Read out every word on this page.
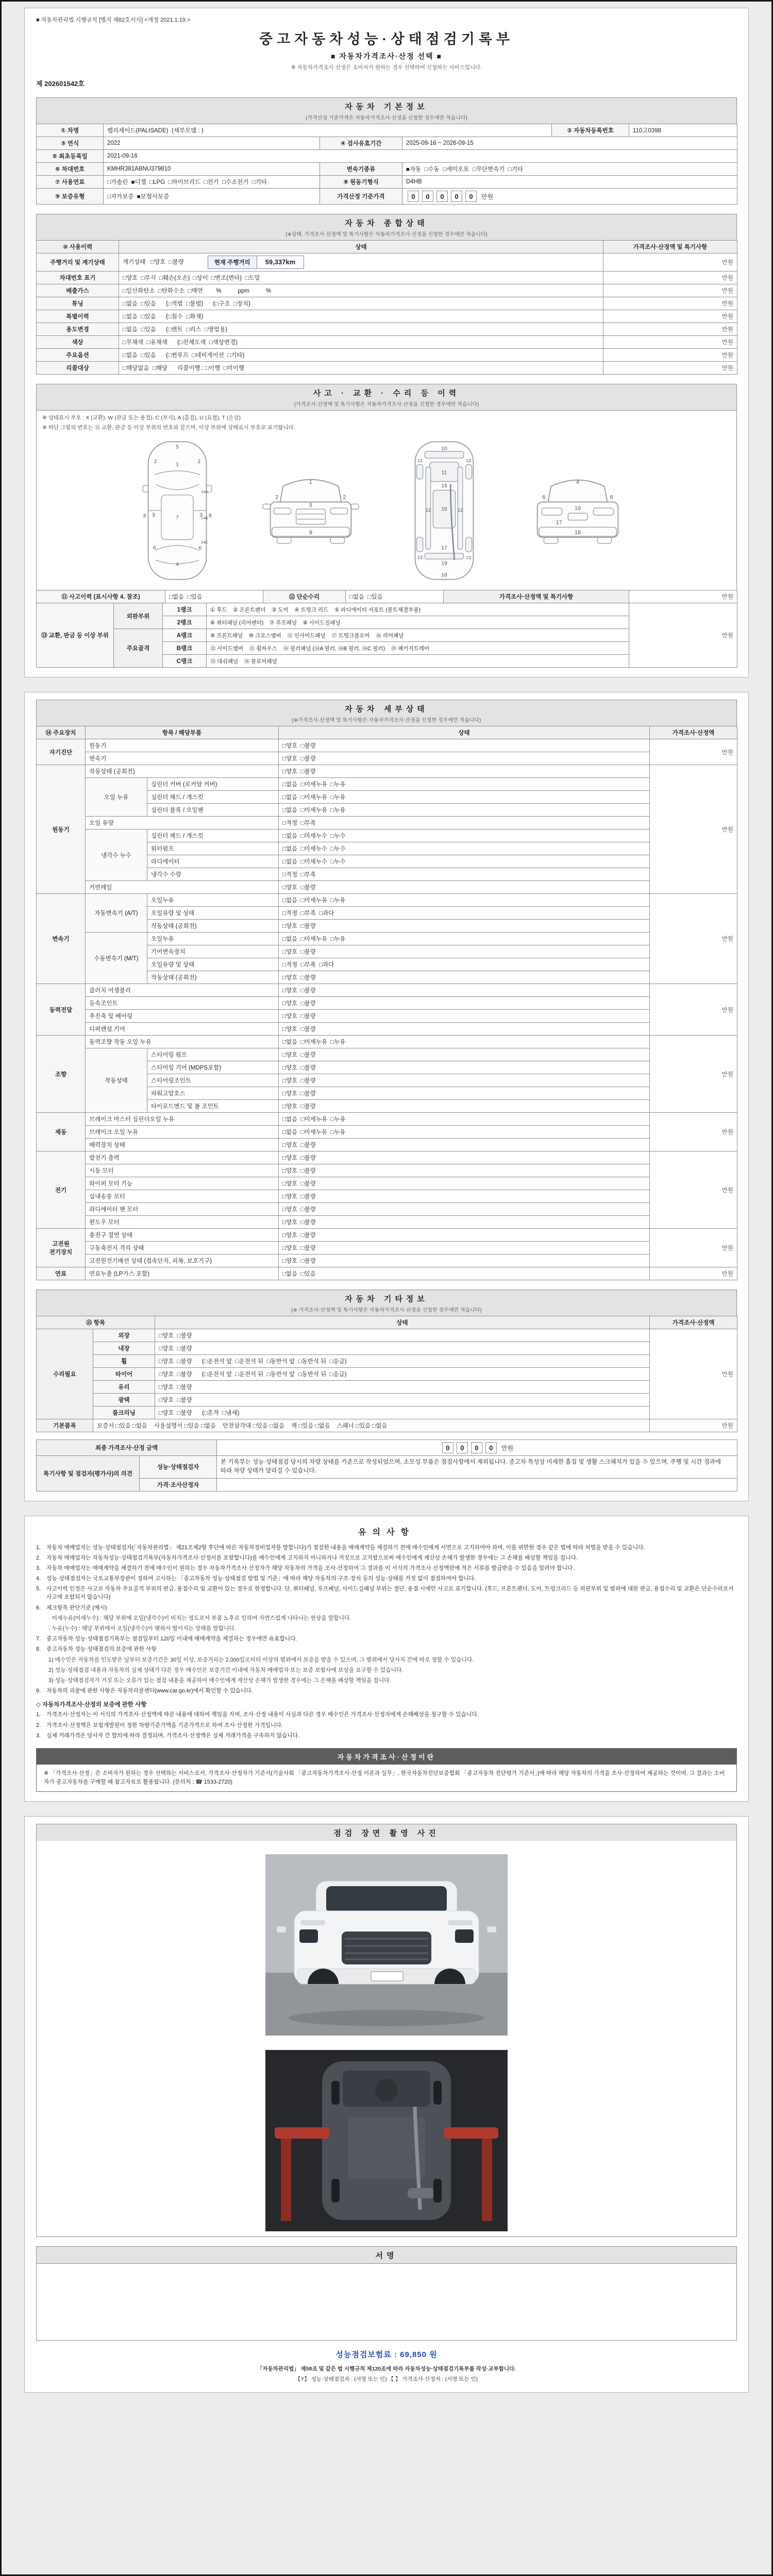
■ 자동차관리법 시행규칙 [별지 제82호서식] <개정 2021.1.19.>
중고자동차성능·상태점검기록부
■ 자동차가격조사·산정 선택 ■
※ 자동차가격조사·산정은 소비자가 원하는 경우 선택하여 신청하는 서비스입니다.
제 202601542호
자동차 기본정보
(가격산정 기준가격은 자동차가격조사·산정을 신청한 경우에만 적습니다)
① 차명	펠리세이드(PALISADE) (세부모델 : )			② 자동차등록번호	110고0398
③ 연식	2022	④ 검사유효기간	2025-09-16 ~ 2026-09-15		
⑤ 최초등록일	2021-09-16				
⑥ 차대번호	KMHR381ABNU379810	변속기종류	■자동  □수동  □세미오토  □무단변속기  □기타		
⑦ 사용연료	□가솔린  ■디젤  □LPG  □하이브리드  □전기  □수소전기  □기타	⑧ 원동기형식	D4HB		
⑨ 보증유형	□자가보증  ■보험사보증	가격산정 기준가격	0 0 0 0 0 만원		
자동차 종합상태
(※상태, 가격조사·산정액 및 특기사항은 자동차가격조사·산정을 신청한 경우에만 적습니다)
⑩ 사용이력	상태	가격조사·산정액 및 특기사항
주행거리 및 계기상태	계기상태   □양호  □불량 현재 주행거리 59,337km	만원
차대번호 표기	□양호  □부식  □훼손(오손)  □상이  □변조(변타)  □도말	만원
배출가스	□일산화탄소  □탄화수소  □매연        %          ppm          %	만원
튜닝	□없음  □있음      (□적법  □불법)      (□구조  □장치)	만원
특별이력	□없음  □있음      (□침수  □화재)	만원
용도변경	□없음  □있음      (□렌트  □리스  □영업용)	만원
색상	□무채색  □유채색      (□전체도색  □색상변경)	만원
주요옵션	□없음  □있음      (□썬루프  □네비게이션  □기타)	만원
리콜대상	□해당없음  □해당      리콜이행 : □이행  □미이행	만원
사고 · 교환 · 수리 등 이력
(가격조사·산정액 및 특기사항은 자동차가격조사·산정을 신청한 경우에만 적습니다)
※ 상태표시 부호 : X (교환), W (판금 또는 용접), C (부식), A (흠집), U (요철), T (손상)
※ 하단 그림의 번호는 ⑬ 교환, 판금 등 이상 부위의 번호와 같으며, 이상 부위에 상태표시 부호로 표기합니다.
5
1
2	2
3	3
7
6	6
4
8	8
14A
14B
14C
1
2	2
5
9
10
15
12	12
13	13
13	13
16
11
17
19
18
4
6	6
19
18
17
⑪ 사고이력 (표시사항 4. 참조)	□없음  □있음	⑫ 단순수리	□없음  □있음	가격조사·산정액 및 특기사항	만원
⑬ 교환, 판금 등 이상 부위	외판부위	1랭크	① 후드    ② 프론트펜더    ③ 도어    ④ 트렁크 리드    ⑤ 라디에이터 서포트 (볼트체결부품)	만원
		2랭크	⑥ 쿼터패널 (리어펜더)    ⑦ 루프패널    ⑧ 사이드실패널	
	주요골격	A랭크	⑨ 프론트패널    ⑩ 크로스멤버    ⑪ 인사이드패널    ⑰ 트렁크플로어    ⑱ 리어패널	
		B랭크	⑫ 사이드멤버    ⑬ 휠하우스    ⑭ 필러패널 (⑭A 필러, ⑭B 필러, ⑭C 필러)    ⑲ 패키지트레이	
		C랭크	⑮ 대쉬패널    ⑯ 플로어패널	
자동차 세부상태
(※가격조사·산정액 및 특기사항은 자동차가격조사·산정을 신청한 경우에만 적습니다)
⑭ 주요장치	항목 / 해당부품		상태	가격조사·산정액
자기진단	원동기		□양호  □불량	만원
	변속기		□양호  □불량	
원동기	작동상태 (공회전)		□양호  □불량	만원
	오일 누유	실린더 커버 (로커암 커버)	□없음  □미세누유  □누유	
		실린더 헤드 / 개스킷	□없음  □미세누유  □누유	
		실린더 블록 / 오일팬	□없음  □미세누유  □누유	
	오일 유량		□적정  □부족	
	냉각수 누수	실린더 헤드 / 개스킷	□없음  □미세누수  □누수	
		워터펌프	□없음  □미세누수  □누수	
		라디에이터	□없음  □미세누수  □누수	
		냉각수 수량	□적정  □부족	
	커먼레일		□양호  □불량	
변속기	자동변속기 (A/T)	오일누유	□없음  □미세누유  □누유	만원
		오일유량 및 상태	□적정  □부족  □과다	
		작동상태 (공회전)	□양호  □불량	
	수동변속기 (M/T)	오일누유	□없음  □미세누유  □누유	
		기어변속장치	□양호  □불량	
		오일유량 및 상태	□적정  □부족  □과다	
		작동상태 (공회전)	□양호  □불량	
동력전달	클러치 어셈블리		□양호  □불량	만원
	등속조인트		□양호  □불량	
	추진축 및 베어링		□양호  □불량	
	디퍼렌셜 기어		□양호  □불량	
조향	동력조향 작동 오일 누유		□없음  □미세누유  □누유	만원
	작동상태	스티어링 펌프	□양호  □불량	
		스티어링 기어 (MDPS포함)	□양호  □불량	
		스티어링조인트	□양호  □불량	
		파워고압호스	□양호  □불량	
		타이로드엔드 및 볼 조인트	□양호  □불량	
제동	브레이크 마스터 실린더오일 누유		□없음  □미세누유  □누유	만원
	브레이크 오일 누유		□없음  □미세누유  □누유	
	배력장치 상태		□양호  □불량	
전기	발전기 출력		□양호  □불량	만원
	시동 모터		□양호  □불량	
	와이퍼 모터 기능		□양호  □불량	
	실내송풍 모터		□양호  □불량	
	라디에이터 팬 모터		□양호  □불량	
	윈도우 모터		□양호  □불량	
고전원 전기장치	충전구 절연 상태		□양호  □불량	만원
	구동축전지 격리 상태		□양호  □불량	
	고전원전기배선 상태 (접속단자, 피복, 보호기구)		□양호  □불량	
연료	연료누출 (LP가스 포함)		□없음  □있음	만원
자동차 기타정보
(※ 가격조사·산정액 및 특기사항은 자동차가격조사·산정을 신청한 경우에만 적습니다)
⑮ 항목		상태	가격조사·산정액
수리필요	외장	□양호  □불량	만원
	내장	□양호  □불량	
	휠	□양호  □불량      (□운전석 앞  □운전석 뒤  □동반석 앞  □동반석 뒤  □응급)	
	타이어	□양호  □불량      (□운전석 앞  □운전석 뒤  □동반석 앞  □동반석 뒤  □응급)	
	유리	□양호  □불량	
	광택	□양호  □불량	
	룸크리닝	□양호  □불량      (□흔적  □냄새)	
기본품목	보증서 □있음 □없음    사용설명서 □있음 □없음    안전삼각대 □있음 □없음    잭 □있음 □없음    스패너 □있음 □없음		만원
최종 가격조사·산정 금액	0 0 0 0 만원
특기사항 및 점검자(평가사)의 의견	성능·상태점검자	본 기록부는 성능·상태점검 당시의 차량 상태를 기준으로 작성되었으며, 소모성 부품은 점검사항에서 제외됩니다. 중고차 특성상 미세한 흠집 및 생활 스크래치가 있을 수 있으며, 주행 및 시간 경과에 따라 차량 상태가 달라질 수 있습니다.
	가격·조사산정자	
유의사항
1.	자동차 매매업자는 성능·상태점검자(「자동차관리법」 제21조제2항 후단에 따른 자동차정비업자를 말합니다)가 점검한 내용을 매매계약을 체결하기 전에 매수인에게 서면으로 고지하여야 하며, 이를 위반한 경우 같은 법에 따라 처벌을 받을 수 있습니다.
2.	자동차 매매업자는 자동차성능·상태점검기록부(자동차가격조사·산정서를 포함합니다)를 매수인에게 고지하지 아니하거나 거짓으로 고지함으로써 매수인에게 재산상 손해가 발생한 경우에는 그 손해를 배상할 책임을 집니다.
3.	자동차 매매업자는 매매계약을 체결하기 전에 매수인이 원하는 경우 자동차가격조사·산정자가 해당 자동차의 가격을 조사·산정하여 그 결과를 이 서식의 가격조사·산정액란에 적은 서류를 발급받을 수 있음을 알려야 합니다.
4.	성능·상태점검자는 국토교통부장관이 정하여 고시하는 「중고자동차 성능·상태점검 방법 및 기준」에 따라 해당 자동차의 구조·장치 등의 성능·상태를 거짓 없이 점검하여야 합니다.
5.	사고이력 인정은 사고로 자동차 주요골격 부위의 판금, 용접수리 및 교환이 있는 경우로 한정합니다. 단, 쿼터패널, 루프패널, 사이드실패널 부위는 절단, 용접 시에만 사고로 표기합니다. (후드, 프론트펜더, 도어, 트렁크리드 등 외판부위 및 범퍼에 대한 판금, 용접수리 및 교환은 단순수리로서 사고에 포함되지 않습니다)
6.	체크항목 판단기준 (예시)
· 미세누유(미세누수) : 해당 부위에 오일(냉각수)이 비치는 정도로서 부품 노후로 인하여 자연스럽게 나타나는 현상을 말합니다.
· 누유(누수) : 해당 부위에서 오일(냉각수)이 맺혀서 떨어지는 상태를 말합니다.
7.	중고자동차 성능·상태점검기록부는 점검일부터 120일 이내에 매매계약을 체결하는 경우에만 유효합니다.
8.	중고자동차 성능·상태점검의 보증에 관한 사항
1) 매수인은 자동차를 인도받은 날부터 보증기간은 30일 이상, 보증거리는 2,000킬로미터 이상의 범위에서 보증을 받을 수 있으며, 그 범위에서 당사자 간에 따로 정할 수 있습니다.
2) 성능·상태점검 내용과 자동차의 실제 상태가 다른 경우 매수인은 보증기간 이내에 자동차 매매업자 또는 보증 보험사에 보상을 요구할 수 있습니다.
3) 성능·상태점검자가 거짓 또는 오류가 있는 점검 내용을 제공하여 매수인에게 재산상 손해가 발생한 경우에는 그 손해를 배상할 책임을 집니다.
9.	자동차의 리콜에 관한 사항은 자동차리콜센터(www.car.go.kr)에서 확인할 수 있습니다.
◇ 자동차가격조사·산정의 보증에 관한 사항
1.	가격조사·산정자는 이 서식의 가격조사·산정액에 따른 내용에 대하여 책임을 지며, 조사·산정 내용이 사실과 다른 경우 매수인은 가격조사·산정자에게 손해배상을 청구할 수 있습니다.
2.	가격조사·산정액은 보험개발원이 정한 차량기준가액을 기준가격으로 하여 조사·산정한 가격입니다.
3.	실제 거래가격은 당사자 간 합의에 따라 결정되며, 가격조사·산정액은 실제 거래가격을 구속하지 않습니다.
자동차가격조사·산정이란
※ 「가격조사·산정」은 소비자가 원하는 경우 선택하는 서비스로서, 가격조사·산정자가 기준서(기술사회 「중고자동차가격조사·산정 이론과 실무」, 한국자동차진단보증협회 「중고자동차 진단평가 기준서」)에 따라 해당 자동차의 가격을 조사·산정하여 제공하는 것이며, 그 결과는 소비자가 중고자동차를 구매할 때 참고자료로 활용됩니다. (문의처 : ☎ 1533-2720)
점검 장면 촬영 사진
서명
성능점검보험료 : 69,850 원
「자동차관리법」 제58조 및 같은 법 시행규칙 제120조에 따라 자동차성능·상태점검기록부를 작성·교부합니다.
【Y】 성능·상태점검자 : (서명 또는 인) 【 】 가격조사·산정자 : (서명 또는 인)
